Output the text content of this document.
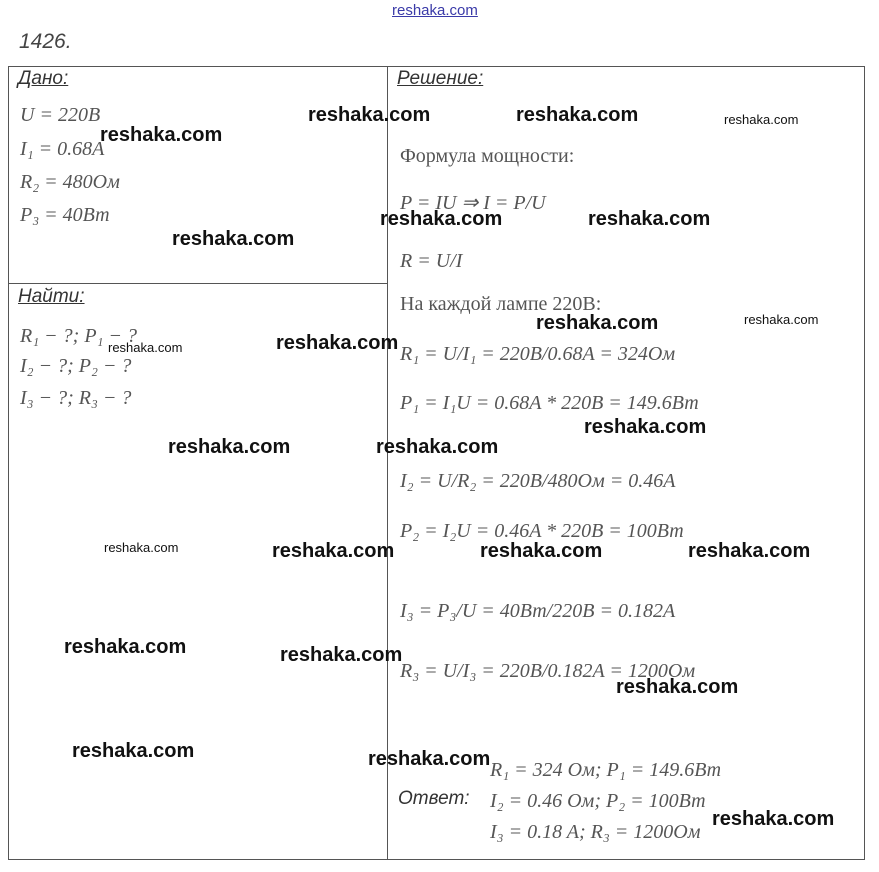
reshaka.com
1426.
Дано:
U = 220B
I₁ = 0.68A
R₂ = 480Ом
P₃ = 40Вт
Найти:
R₁ − ?; P₁ − ?
I₂ − ?; P₂ − ?
I₃ − ?; R₃ − ?
Решение:
Формула мощности:
P = IU ⇒ I = P/U
R = U/I
На каждой лампе 220В:
R₁ = U/I₁ = 220B/0.68A = 324Ом
P₁ = I₁U = 0.68A * 220B = 149.6Вт
I₂ = U/R₂ = 220B/480Ом = 0.46A
P₂ = I₂U = 0.46A * 220B = 100Вт
I₃ = P₃/U = 40Вт/220B = 0.182A
R₃ = U/I₃ = 220B/0.182A = 1200Ом
Ответ:
R₁ = 324 Ом; P₁ = 149.6Вт
I₂ = 0.46 Ом; P₂ = 100Вт
I₃ = 0.18 A; R₃ = 1200Ом
reshaka.com	reshaka.com
reshaka.com
reshaka.com	reshaka.com
reshaka.com
reshaka.com
reshaka.com
reshaka.com
reshaka.com	reshaka.com
reshaka.com	reshaka.com	reshaka.com
reshaka.com	reshaka.com
reshaka.com
reshaka.com	reshaka.com
reshaka.com
reshaka.com
reshaka.com
reshaka.com
reshaka.com
